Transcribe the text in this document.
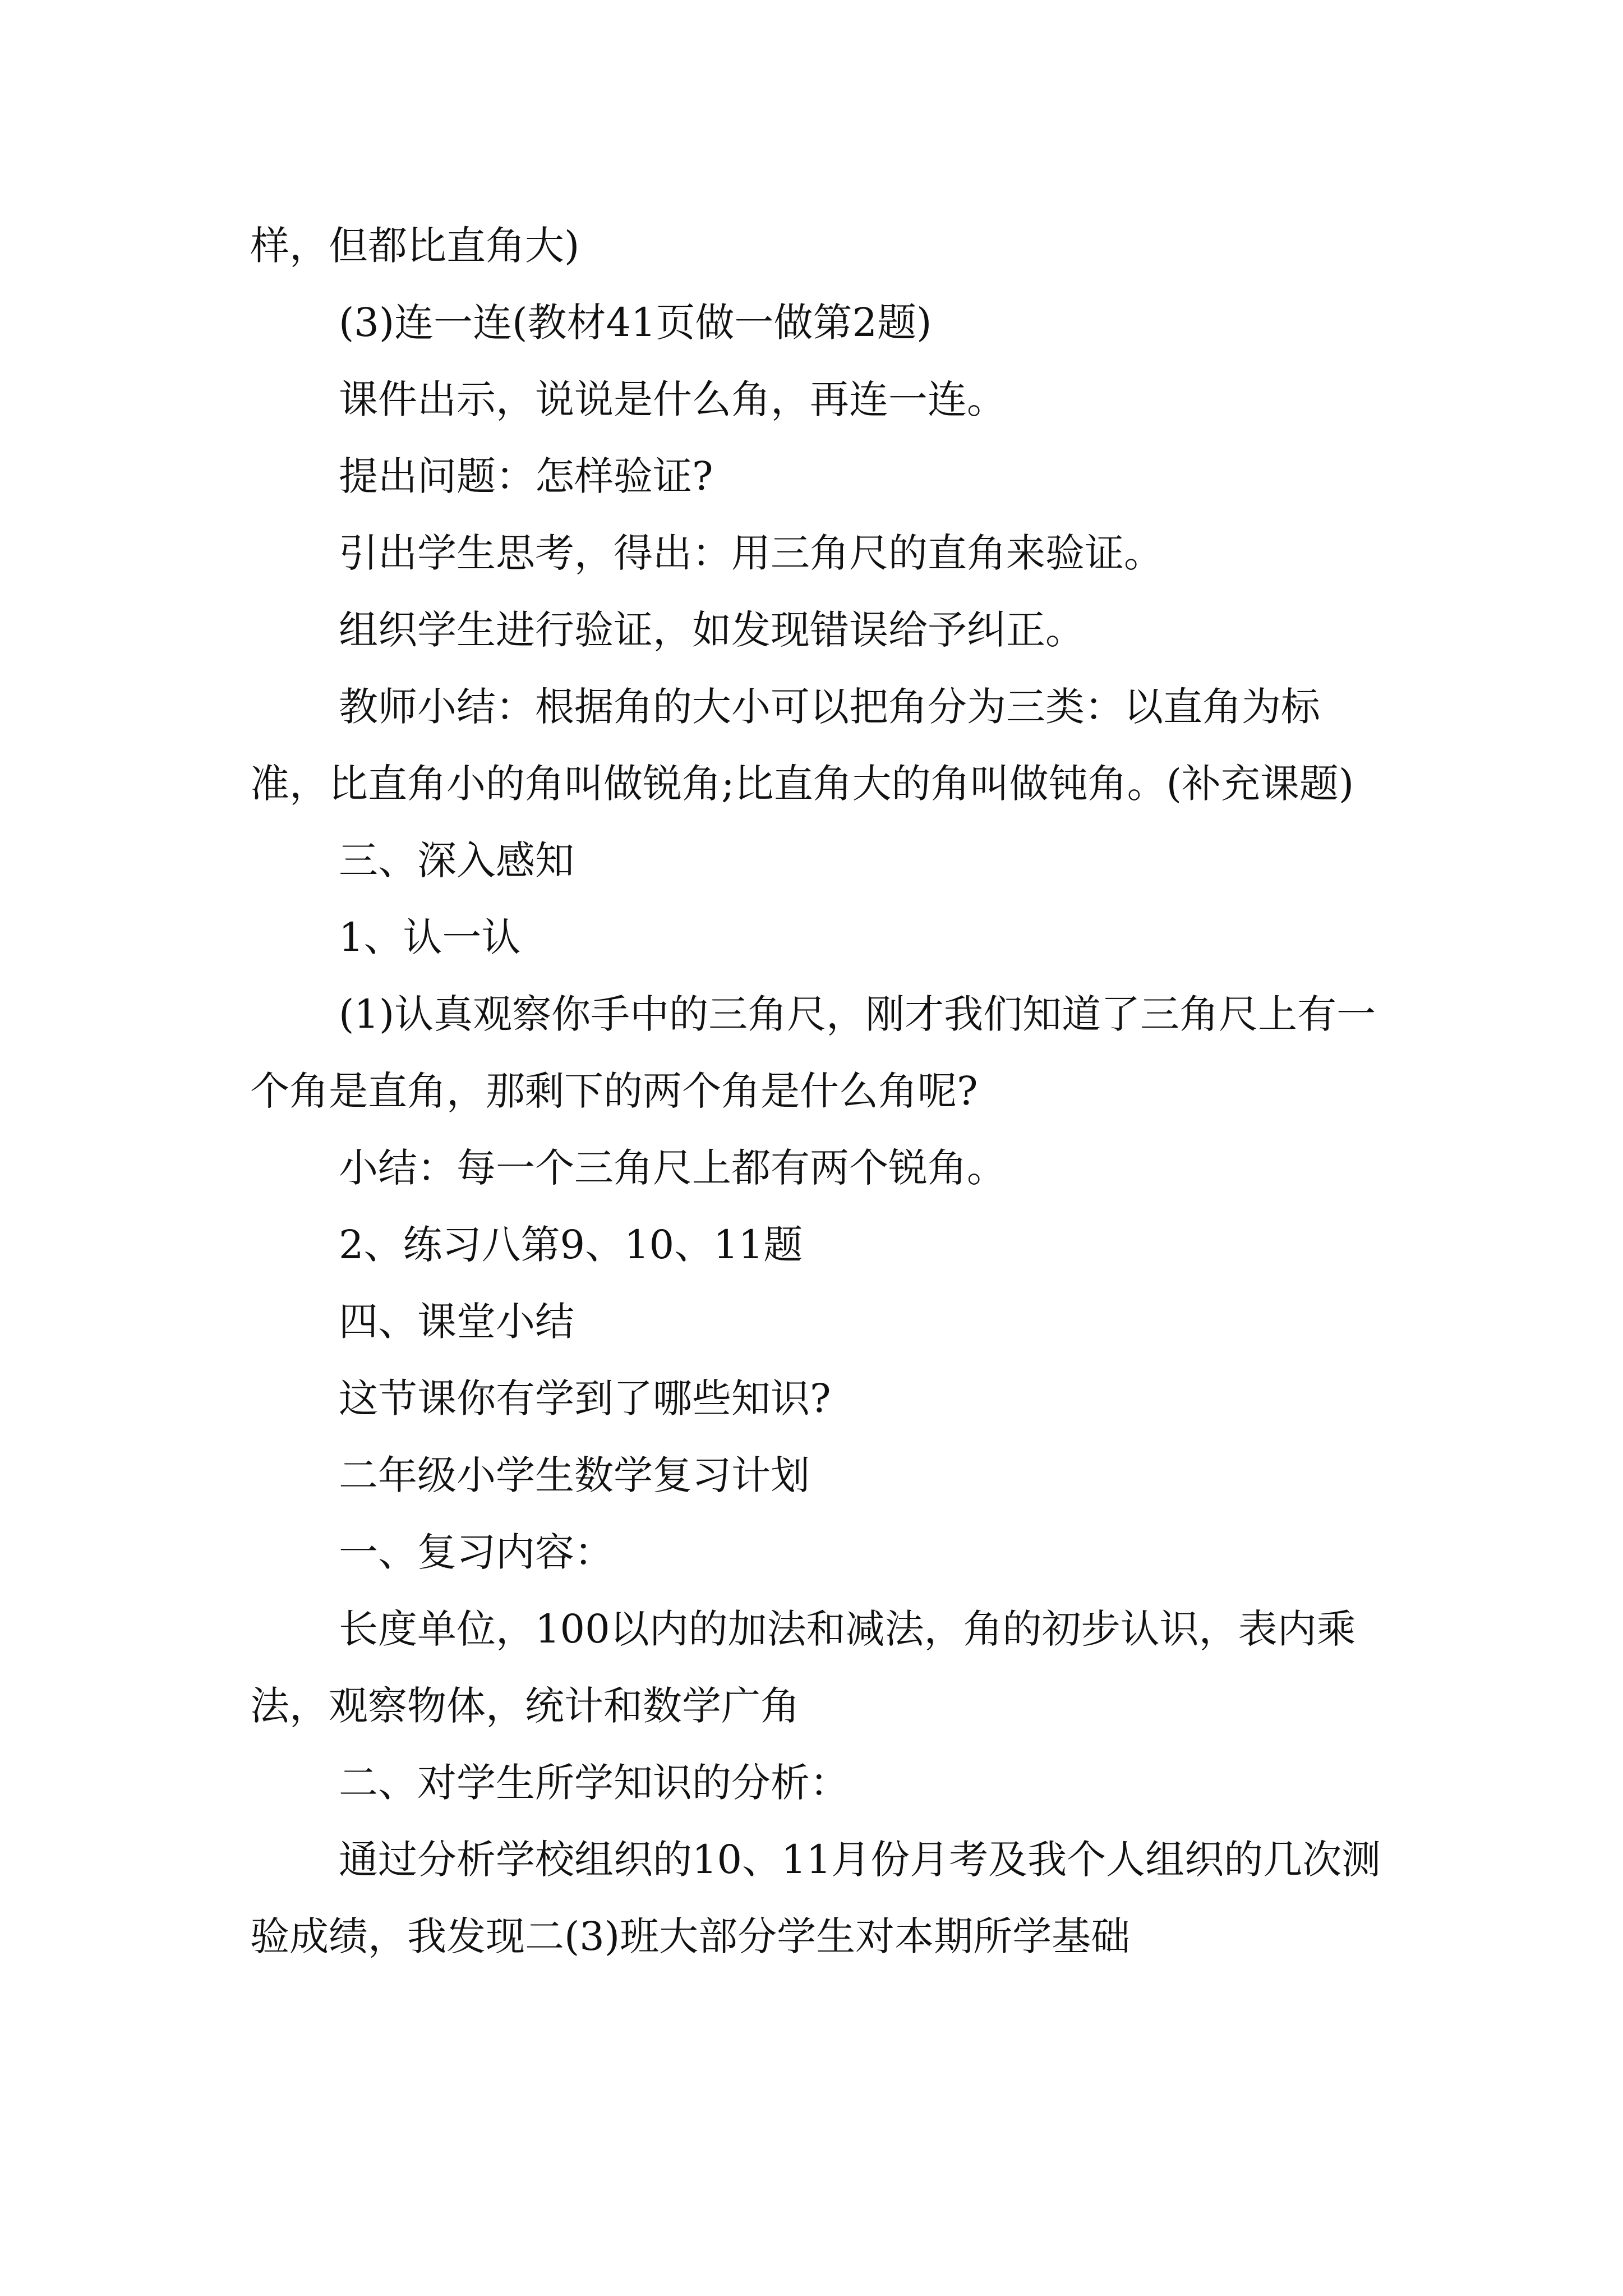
样，但都比直角大)

(3)连一连(教材41页做一做第2题)

课件出示，说说是什么角，再连一连。

提出问题：怎样验证?

引出学生思考，得出：用三角尺的直角来验证。

组织学生进行验证，如发现错误给予纠正。

教师小结：根据角的大小可以把角分为三类：以直角为标准，比直角小的角叫做锐角;比直角大的角叫做钝角。(补充课题)

三、深入感知

1、认一认

(1)认真观察你手中的三角尺，刚才我们知道了三角尺上有一个角是直角，那剩下的两个角是什么角呢?

小结：每一个三角尺上都有两个锐角。

2、练习八第9、10、11题

四、课堂小结

这节课你有学到了哪些知识?

二年级小学生数学复习计划

一、复习内容：

长度单位，100以内的加法和减法，角的初步认识，表内乘法，观察物体，统计和数学广角

二、对学生所学知识的分析：

通过分析学校组织的10、11月份月考及我个人组织的几次测验成绩，我发现二(3)班大部分学生对本期所学基础
